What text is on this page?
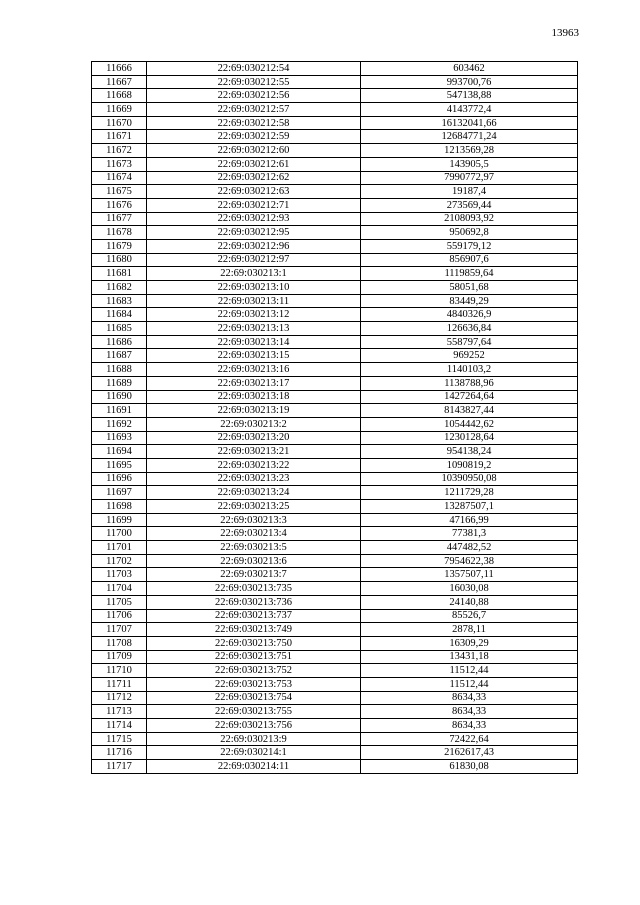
13963
11666	22:69:030212:54	603462
11667	22:69:030212:55	993700,76
11668	22:69:030212:56	547138,88
11669	22:69:030212:57	4143772,4
11670	22:69:030212:58	16132041,66
11671	22:69:030212:59	12684771,24
11672	22:69:030212:60	1213569,28
11673	22:69:030212:61	143905,5
11674	22:69:030212:62	7990772,97
11675	22:69:030212:63	19187,4
11676	22:69:030212:71	273569,44
11677	22:69:030212:93	2108093,92
11678	22:69:030212:95	950692,8
11679	22:69:030212:96	559179,12
11680	22:69:030212:97	856907,6
11681	22:69:030213:1	1119859,64
11682	22:69:030213:10	58051,68
11683	22:69:030213:11	83449,29
11684	22:69:030213:12	4840326,9
11685	22:69:030213:13	126636,84
11686	22:69:030213:14	558797,64
11687	22:69:030213:15	969252
11688	22:69:030213:16	1140103,2
11689	22:69:030213:17	1138788,96
11690	22:69:030213:18	1427264,64
11691	22:69:030213:19	8143827,44
11692	22:69:030213:2	1054442,62
11693	22:69:030213:20	1230128,64
11694	22:69:030213:21	954138,24
11695	22:69:030213:22	1090819,2
11696	22:69:030213:23	10390950,08
11697	22:69:030213:24	1211729,28
11698	22:69:030213:25	13287507,1
11699	22:69:030213:3	47166,99
11700	22:69:030213:4	77381,3
11701	22:69:030213:5	447482,52
11702	22:69:030213:6	7954622,38
11703	22:69:030213:7	1357507,11
11704	22:69:030213:735	16030,08
11705	22:69:030213:736	24140,88
11706	22:69:030213:737	85526,7
11707	22:69:030213:749	2878,11
11708	22:69:030213:750	16309,29
11709	22:69:030213:751	13431,18
11710	22:69:030213:752	11512,44
11711	22:69:030213:753	11512,44
11712	22:69:030213:754	8634,33
11713	22:69:030213:755	8634,33
11714	22:69:030213:756	8634,33
11715	22:69:030213:9	72422,64
11716	22:69:030214:1	2162617,43
11717	22:69:030214:11	61830,08
